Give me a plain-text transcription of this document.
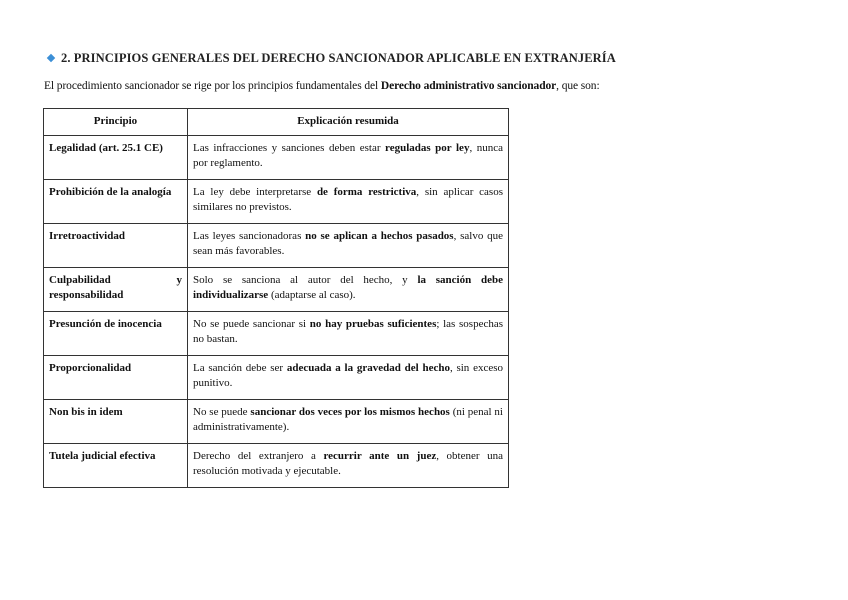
2. PRINCIPIOS GENERALES DEL DERECHO SANCIONADOR APLICABLE EN EXTRANJERÍA
El procedimiento sancionador se rige por los principios fundamentales del Derecho administrativo sancionador, que son:
Principio	Explicación resumida
Legalidad (art. 25.1 CE)	Las infracciones y sanciones deben estar reguladas por ley, nunca por reglamento.
Prohibición de la analogía	La ley debe interpretarse de forma restrictiva, sin aplicar casos similares no previstos.
Irretroactividad	Las leyes sancionadoras no se aplican a hechos pasados, salvo que sean más favorables.
Culpabilidad y responsabilidad	Solo se sanciona al autor del hecho, y la sanción debe individualizarse (adaptarse al caso).
Presunción de inocencia	No se puede sancionar si no hay pruebas suficientes; las sospechas no bastan.
Proporcionalidad	La sanción debe ser adecuada a la gravedad del hecho, sin exceso punitivo.
Non bis in idem	No se puede sancionar dos veces por los mismos hechos (ni penal ni administrativamente).
Tutela judicial efectiva	Derecho del extranjero a recurrir ante un juez, obtener una resolución motivada y ejecutable.
